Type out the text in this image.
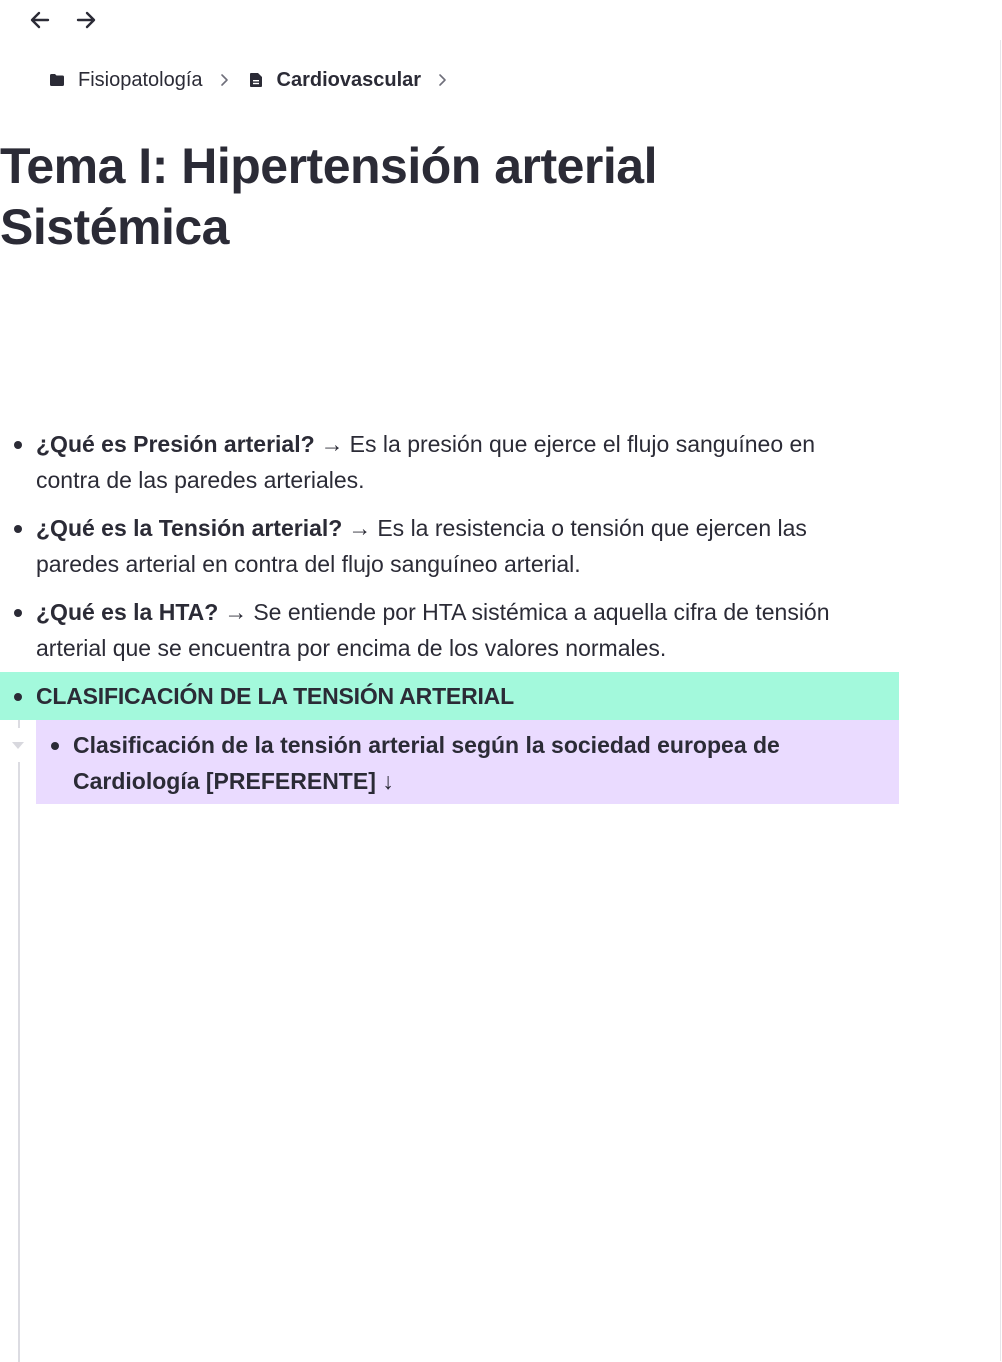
Fisiopatología	Cardiovascular
Tema I: Hipertensión arterial Sistémica
¿Qué es Presión arterial? → Es la presión que ejerce el flujo sanguíneo en contra de las paredes arteriales.
¿Qué es la Tensión arterial? → Es la resistencia o tensión que ejercen las paredes arterial en contra del flujo sanguíneo arterial.
¿Qué es la HTA? → Se entiende por HTA sistémica a aquella cifra de tensión arterial que se encuentra por encima de los valores normales.
CLASIFICACIÓN DE LA TENSIÓN ARTERIAL
Clasificación de la tensión arterial según la sociedad europea de Cardiología [PREFERENTE] ↓
